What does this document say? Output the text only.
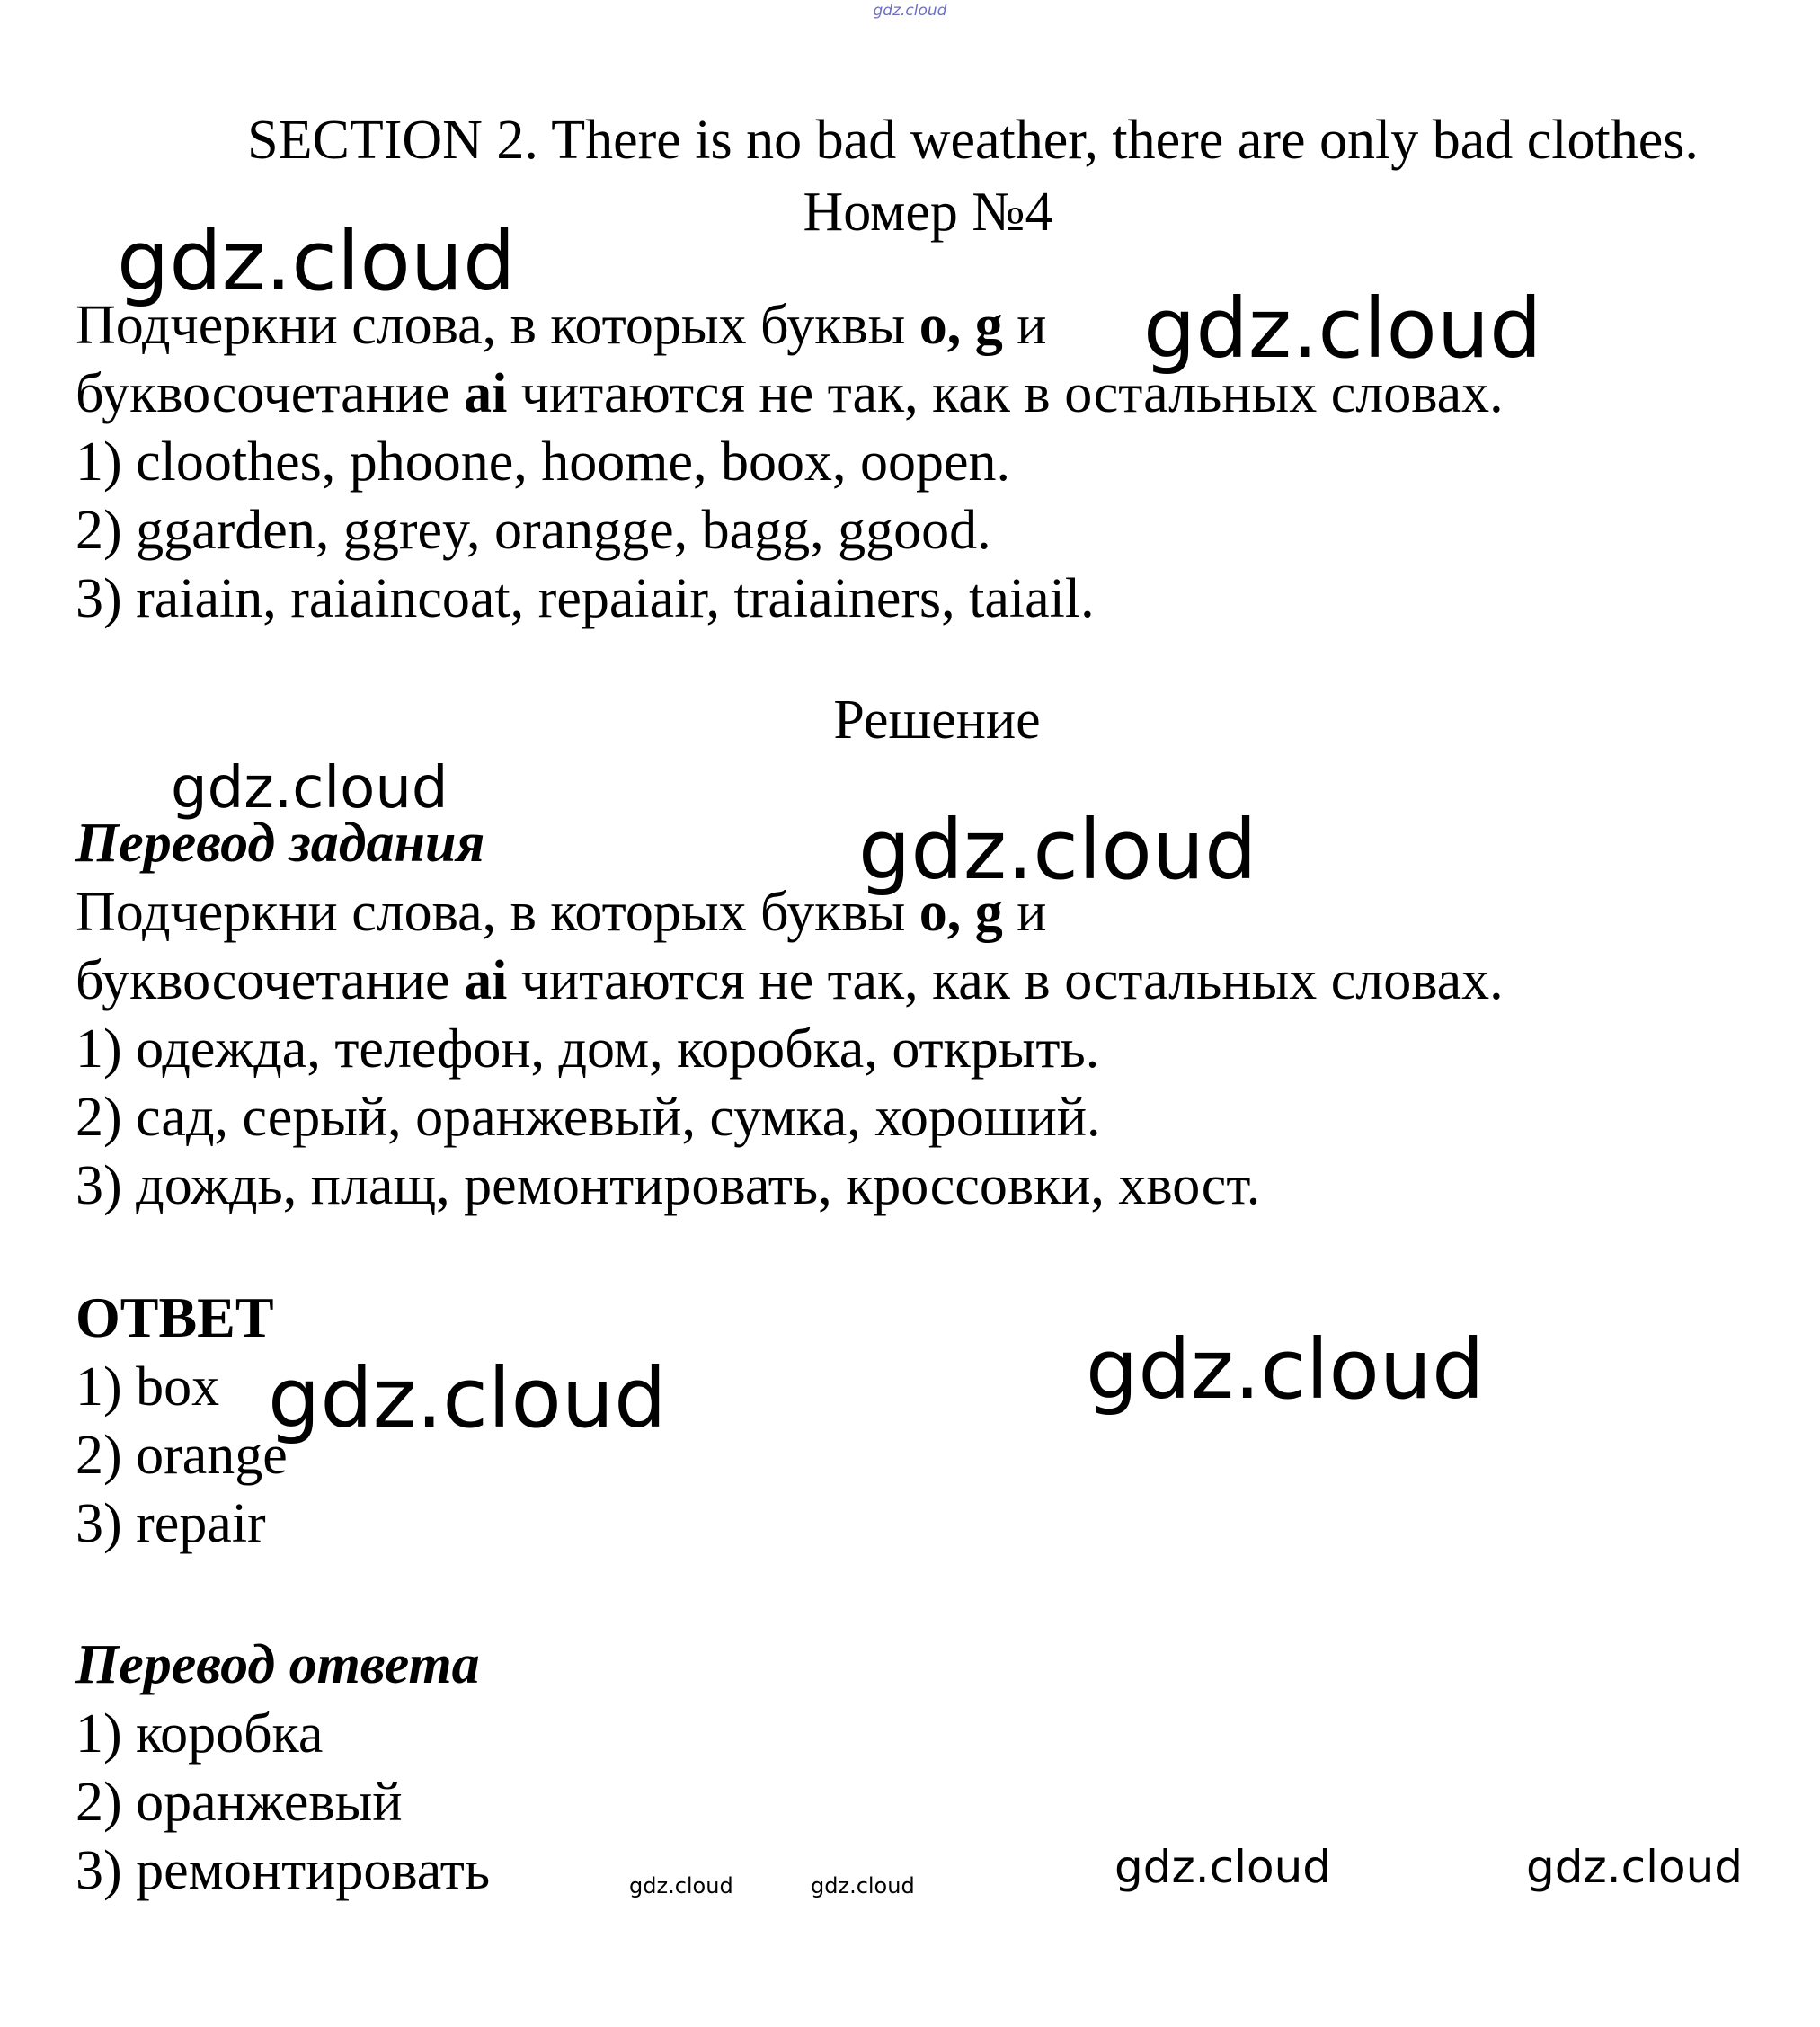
gdz.cloud
SECTION 2. There is no bad weather, there are only bad clothes.
Номер №4
Подчеркни слова, в которых буквы o, g и
буквосочетание ai читаются не так, как в остальных словах.
1) cloothes, phoone, hoome, boox, oopen.
2) ggarden, ggrey, orangge, bagg, ggood.
3) raiain, raiaincoat, repaiair, traiainers, taiail.
Решение
Перевод задания
Подчеркни слова, в которых буквы o, g и
буквосочетание ai читаются не так, как в остальных словах.
1) одежда, телефон, дом, коробка, открыть.
2) сад, серый, оранжевый, сумка, хороший.
3) дождь, плащ, ремонтировать, кроссовки, хвост.
ОТВЕТ
1) box
2) orange
3) repair
Перевод ответа
1) коробка
2) оранжевый
3) ремонтировать
gdz.cloud
gdz.cloud
gdz.cloud
gdz.cloud
gdz.cloud
gdz.cloud
gdz.cloud	gdz.cloud	gdz.cloud	gdz.cloud
